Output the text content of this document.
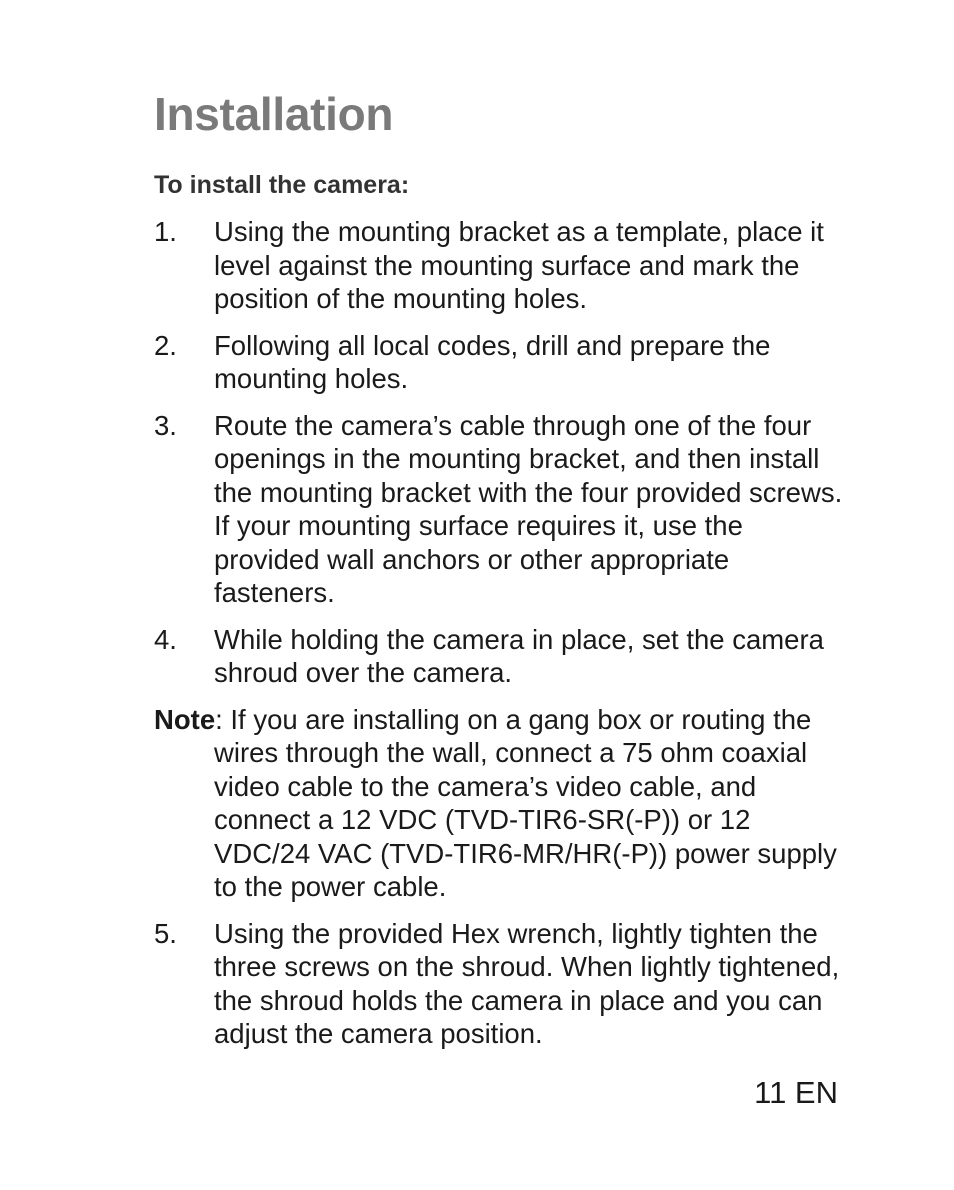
Installation
To install the camera:
1. Using the mounting bracket as a template, place it level against the mounting surface and mark the position of the mounting holes.
2. Following all local codes, drill and prepare the mounting holes.
3. Route the camera’s cable through one of the four openings in the mounting bracket, and then install the mounting bracket with the four provided screws. If your mounting surface requires it, use the provided wall anchors or other appropriate fasteners.
4. While holding the camera in place, set the camera shroud over the camera.
Note: If you are installing on a gang box or routing the wires through the wall, connect a 75 ohm coaxial video cable to the camera’s video cable, and connect a 12 VDC (TVD-TIR6-SR(-P)) or 12 VDC/24 VAC (TVD-TIR6-MR/HR(-P)) power supply to the power cable.
5. Using the provided Hex wrench, lightly tighten the three screws on the shroud. When lightly tightened, the shroud holds the camera in place and you can adjust the camera position.
11 EN
